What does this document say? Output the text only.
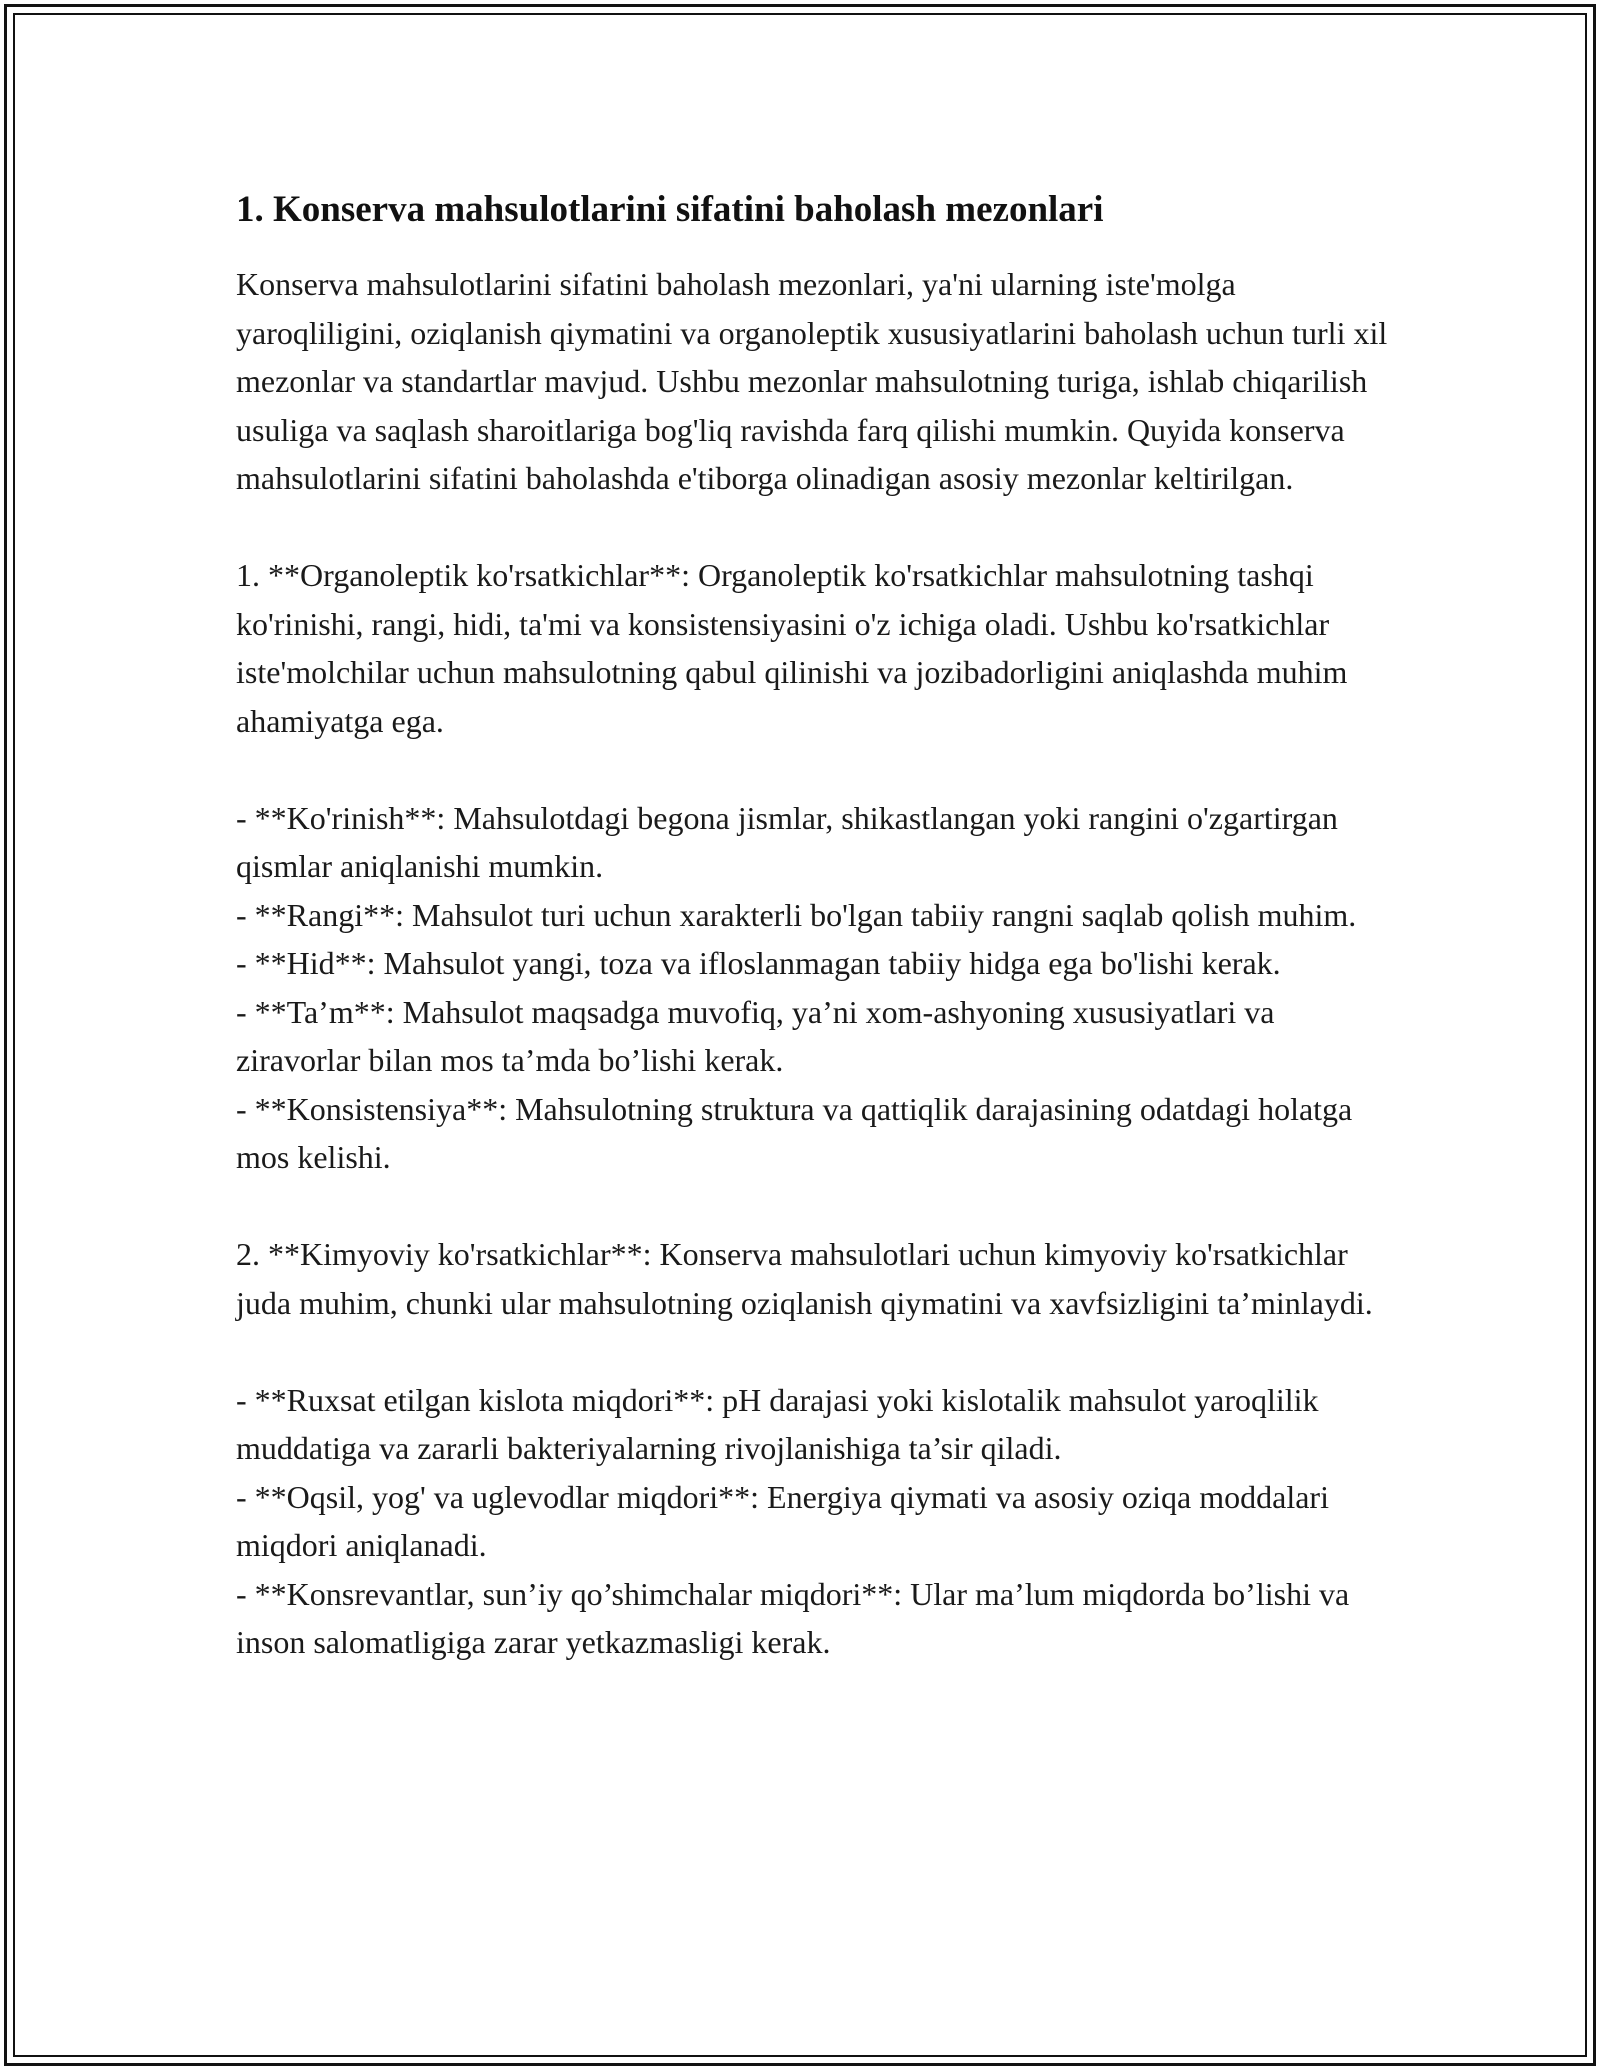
1. Konserva mahsulotlarini sifatini baholash mezonlari

Konserva mahsulotlarini sifatini baholash mezonlari, ya'ni ularning iste'molga yaroqliligini, oziqlanish qiymatini va organoleptik xususiyatlarini baholash uchun turli xil mezonlar va standartlar mavjud. Ushbu mezonlar mahsulotning turiga, ishlab chiqarilish usuliga va saqlash sharoitlariga bog'liq ravishda farq qilishi mumkin. Quyida konserva mahsulotlarini sifatini baholashda e'tiborga olinadigan asosiy mezonlar keltirilgan.

1. **Organoleptik ko'rsatkichlar**: Organoleptik ko'rsatkichlar mahsulotning tashqi ko'rinishi, rangi, hidi, ta'mi va konsistensiyasini o'z ichiga oladi. Ushbu ko'rsatkichlar iste'molchilar uchun mahsulotning qabul qilinishi va jozibadorligini aniqlashda muhim ahamiyatga ega.

- **Ko'rinish**: Mahsulotdagi begona jismlar, shikastlangan yoki rangini o'zgartirgan qismlar aniqlanishi mumkin.

- **Rangi**: Mahsulot turi uchun xarakterli bo'lgan tabiiy rangni saqlab qolish muhim.

- **Hid**: Mahsulot yangi, toza va ifloslanmagan tabiiy hidga ega bo'lishi kerak.

- **Ta’m**: Mahsulot maqsadga muvofiq, ya’ni xom-ashyoning xususiyatlari va ziravorlar bilan mos ta’mda bo’lishi kerak.

- **Konsistensiya**: Mahsulotning struktura va qattiqlik darajasining odatdagi holatga mos kelishi.

2. **Kimyoviy ko'rsatkichlar**: Konserva mahsulotlari uchun kimyoviy ko'rsatkichlar juda muhim, chunki ular mahsulotning oziqlanish qiymatini va xavfsizligini ta’minlaydi.

- **Ruxsat etilgan kislota miqdori**: pH darajasi yoki kislotalik mahsulot yaroqlilik muddatiga va zararli bakteriyalarning rivojlanishiga ta’sir qiladi.

- **Oqsil, yog' va uglevodlar miqdori**: Energiya qiymati va asosiy oziqa moddalari miqdori aniqlanadi.

- **Konsrevantlar, sun’iy qo’shimchalar miqdori**: Ular ma’lum miqdorda bo’lishi va inson salomatligiga zarar yetkazmasligi kerak.
